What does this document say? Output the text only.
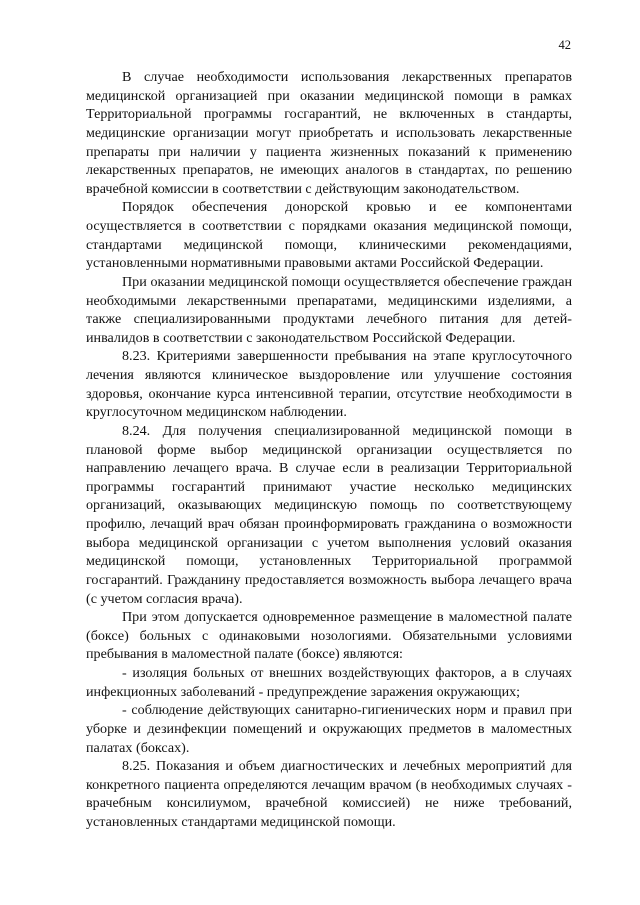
42

В случае необходимости использования лекарственных препаратов медицинской организацией при оказании медицинской помощи в рамках Территориальной программы госгарантий, не включенных в стандарты, медицинские организации могут приобретать и использовать лекарственные препараты при наличии у пациента жизненных показаний к применению лекарственных препаратов, не имеющих аналогов в стандартах, по решению врачебной комиссии в соответствии с действующим законодательством.

Порядок обеспечения донорской кровью и ее компонентами осуществляется в соответствии с порядками оказания медицинской помощи, стандартами медицинской помощи, клиническими рекомендациями, установленными нормативными правовыми актами Российской Федерации.

При оказании медицинской помощи осуществляется обеспечение граждан необходимыми лекарственными препаратами, медицинскими изделиями, а также специализированными продуктами лечебного питания для детей-инвалидов в соответствии с законодательством Российской Федерации.

8.23. Критериями завершенности пребывания на этапе круглосуточного лечения являются клиническое выздоровление или улучшение состояния здоровья, окончание курса интенсивной терапии, отсутствие необходимости в круглосуточном медицинском наблюдении.

8.24. Для получения специализированной медицинской помощи в плановой форме выбор медицинской организации осуществляется по направлению лечащего врача. В случае если в реализации Территориальной программы госгарантий принимают участие несколько медицинских организаций, оказывающих медицинскую помощь по соответствующему профилю, лечащий врач обязан проинформировать гражданина о возможности выбора медицинской организации с учетом выполнения условий оказания медицинской помощи, установленных Территориальной программой госгарантий. Гражданину предоставляется возможность выбора лечащего врача (с учетом согласия врача).

При этом допускается одновременное размещение в маломестной палате (боксе) больных с одинаковыми нозологиями. Обязательными условиями пребывания в маломестной палате (боксе) являются:

- изоляция больных от внешних воздействующих факторов, а в случаях инфекционных заболеваний - предупреждение заражения окружающих;

- соблюдение действующих санитарно-гигиенических норм и правил при уборке и дезинфекции помещений и окружающих предметов в маломестных палатах (боксах).

8.25. Показания и объем диагностических и лечебных мероприятий для конкретного пациента определяются лечащим врачом (в необходимых случаях - врачебным консилиумом, врачебной комиссией) не ниже требований, установленных стандартами медицинской помощи.
